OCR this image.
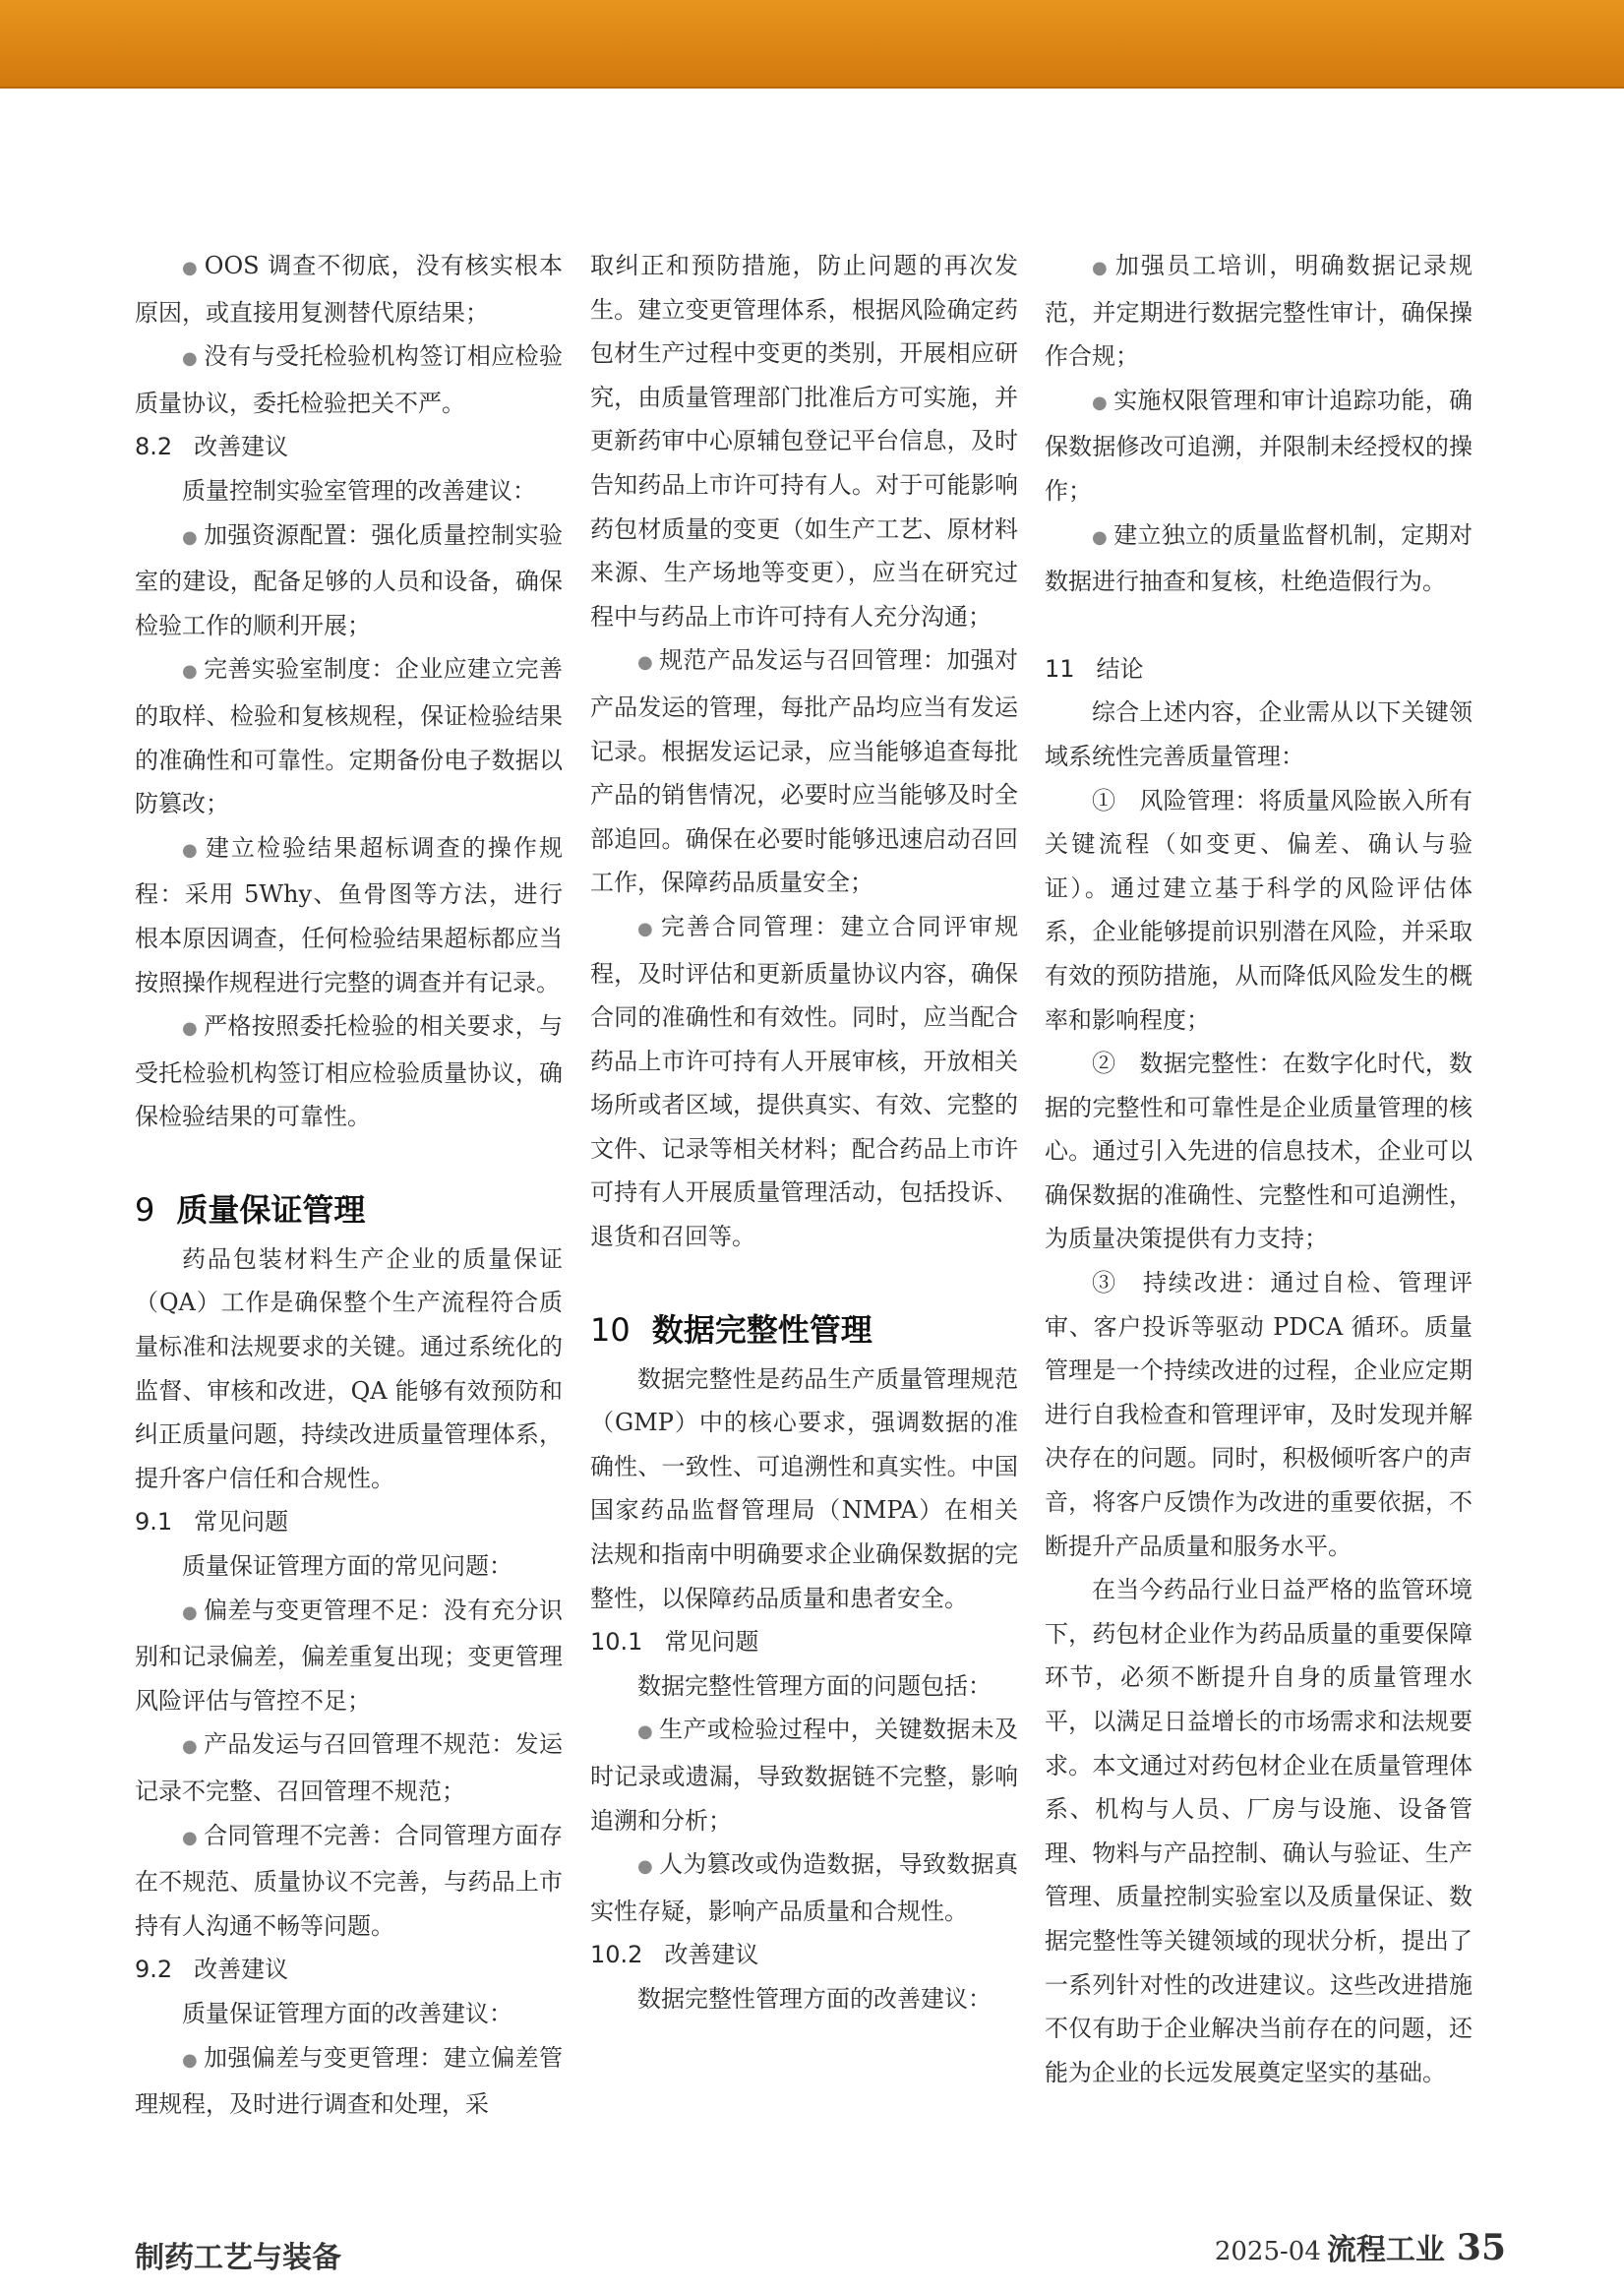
● OOS 调查不彻底，没有核实根本原因，或直接用复测替代原结果；

● 没有与受托检验机构签订相应检验质量协议，委托检验把关不严。

8.2 改善建议

质量控制实验室管理的改善建议：

● 加强资源配置：强化质量控制实验室的建设，配备足够的人员和设备，确保检验工作的顺利开展；

● 完善实验室制度：企业应建立完善的取样、检验和复核规程，保证检验结果的准确性和可靠性。定期备份电子数据以防篡改；

● 建立检验结果超标调查的操作规程：采用 5Why、鱼骨图等方法，进行根本原因调查，任何检验结果超标都应当按照操作规程进行完整的调查并有记录。

● 严格按照委托检验的相关要求，与受托检验机构签订相应检验质量协议，确保检验结果的可靠性。

9 质量保证管理

药品包装材料生产企业的质量保证（QA）工作是确保整个生产流程符合质量标准和法规要求的关键。通过系统化的监督、审核和改进，QA 能够有效预防和纠正质量问题，持续改进质量管理体系，提升客户信任和合规性。

9.1 常见问题

质量保证管理方面的常见问题：

● 偏差与变更管理不足：没有充分识别和记录偏差，偏差重复出现；变更管理风险评估与管控不足；

● 产品发运与召回管理不规范：发运记录不完整、召回管理不规范；

● 合同管理不完善：合同管理方面存在不规范、质量协议不完善，与药品上市持有人沟通不畅等问题。

9.2 改善建议

质量保证管理方面的改善建议：

● 加强偏差与变更管理：建立偏差管理规程，及时进行调查和处理，采

取纠正和预防措施，防止问题的再次发生。建立变更管理体系，根据风险确定药包材生产过程中变更的类别，开展相应研究，由质量管理部门批准后方可实施，并更新药审中心原辅包登记平台信息，及时告知药品上市许可持有人。对于可能影响药包材质量的变更（如生产工艺、原材料来源、生产场地等变更），应当在研究过程中与药品上市许可持有人充分沟通；

● 规范产品发运与召回管理：加强对产品发运的管理，每批产品均应当有发运记录。根据发运记录，应当能够追查每批产品的销售情况，必要时应当能够及时全部追回。确保在必要时能够迅速启动召回工作，保障药品质量安全；

● 完善合同管理：建立合同评审规程，及时评估和更新质量协议内容，确保合同的准确性和有效性。同时，应当配合药品上市许可持有人开展审核，开放相关场所或者区域，提供真实、有效、完整的文件、记录等相关材料；配合药品上市许可持有人开展质量管理活动，包括投诉、退货和召回等。

10 数据完整性管理

数据完整性是药品生产质量管理规范（GMP）中的核心要求，强调数据的准确性、一致性、可追溯性和真实性。中国国家药品监督管理局（NMPA）在相关法规和指南中明确要求企业确保数据的完整性，以保障药品质量和患者安全。

10.1 常见问题

数据完整性管理方面的问题包括：

● 生产或检验过程中，关键数据未及时记录或遗漏，导致数据链不完整，影响追溯和分析；

● 人为篡改或伪造数据，导致数据真实性存疑，影响产品质量和合规性。

10.2 改善建议

数据完整性管理方面的改善建议：

● 加强员工培训，明确数据记录规范，并定期进行数据完整性审计，确保操作合规；

● 实施权限管理和审计追踪功能，确保数据修改可追溯，并限制未经授权的操作；

● 建立独立的质量监督机制，定期对数据进行抽查和复核，杜绝造假行为。

11 结论

综合上述内容，企业需从以下关键领域系统性完善质量管理：

①　风险管理：将质量风险嵌入所有关键流程（如变更、偏差、确认与验证）。通过建立基于科学的风险评估体系，企业能够提前识别潜在风险，并采取有效的预防措施，从而降低风险发生的概率和影响程度；

②　数据完整性：在数字化时代，数据的完整性和可靠性是企业质量管理的核心。通过引入先进的信息技术，企业可以确保数据的准确性、完整性和可追溯性，为质量决策提供有力支持；

③　持续改进：通过自检、管理评审、客户投诉等驱动 PDCA 循环。质量管理是一个持续改进的过程，企业应定期进行自我检查和管理评审，及时发现并解决存在的问题。同时，积极倾听客户的声音，将客户反馈作为改进的重要依据，不断提升产品质量和服务水平。

在当今药品行业日益严格的监管环境下，药包材企业作为药品质量的重要保障环节，必须不断提升自身的质量管理水平，以满足日益增长的市场需求和法规要求。本文通过对药包材企业在质量管理体系、机构与人员、厂房与设施、设备管理、物料与产品控制、确认与验证、生产管理、质量控制实验室以及质量保证、数据完整性等关键领域的现状分析，提出了一系列针对性的改进建议。这些改进措施不仅有助于企业解决当前存在的问题，还能为企业的长远发展奠定坚实的基础。

制药工艺与装备	2025-04 流程工业 35
